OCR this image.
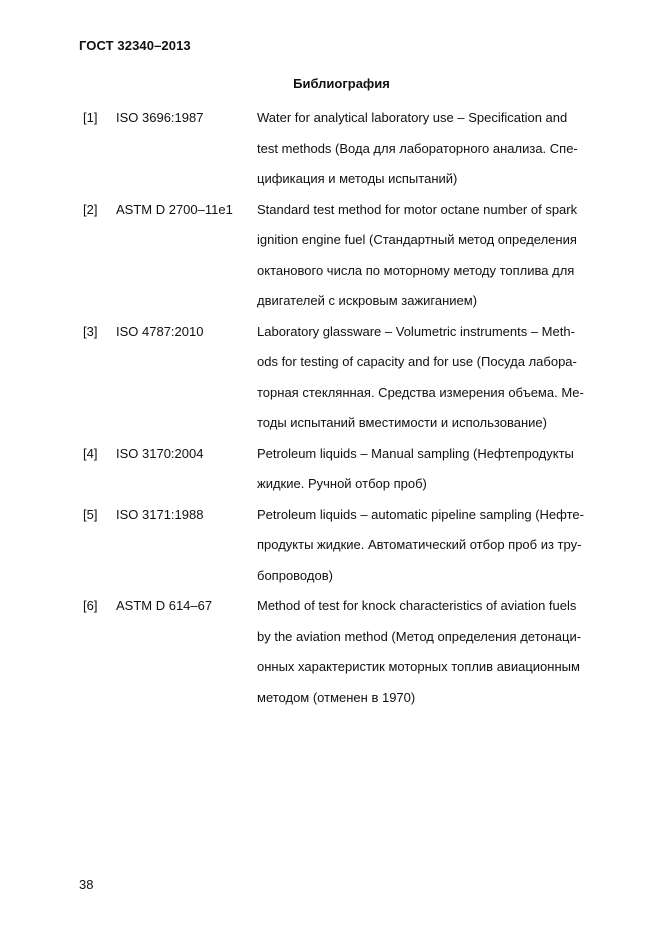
ГОСТ 32340–2013
Библиография
[1]	ISO 3696:1987	Water for analytical laboratory use – Specification and
test methods (Вода для лабораторного анализа. Спе-
цификация и методы испытаний)
[2]	ASTM D 2700–11e1	Standard test method for motor octane number of spark
ignition engine fuel (Стандартный метод определения
октанового числа по моторному методу топлива для
двигателей с искровым зажиганием)
[3]	ISO 4787:2010	Laboratory glassware – Volumetric instruments – Meth-
ods for testing of capacity and for use (Посуда лабора-
торная стеклянная. Средства измерения объема. Ме-
тоды испытаний вместимости и использование)
[4]	ISO 3170:2004	Petroleum liquids – Manual sampling (Нефтепродукты
жидкие. Ручной отбор проб)
[5]	ISO 3171:1988	Petroleum liquids – automatic pipeline sampling (Нефте-
продукты жидкие. Автоматический отбор проб из тру-
бопроводов)
[6]	ASTM D 614–67	Method of test for knock characteristics of aviation fuels
by the aviation method (Метод определения детонаци-
онных характеристик моторных топлив авиационным
методом (отменен в 1970)
38
